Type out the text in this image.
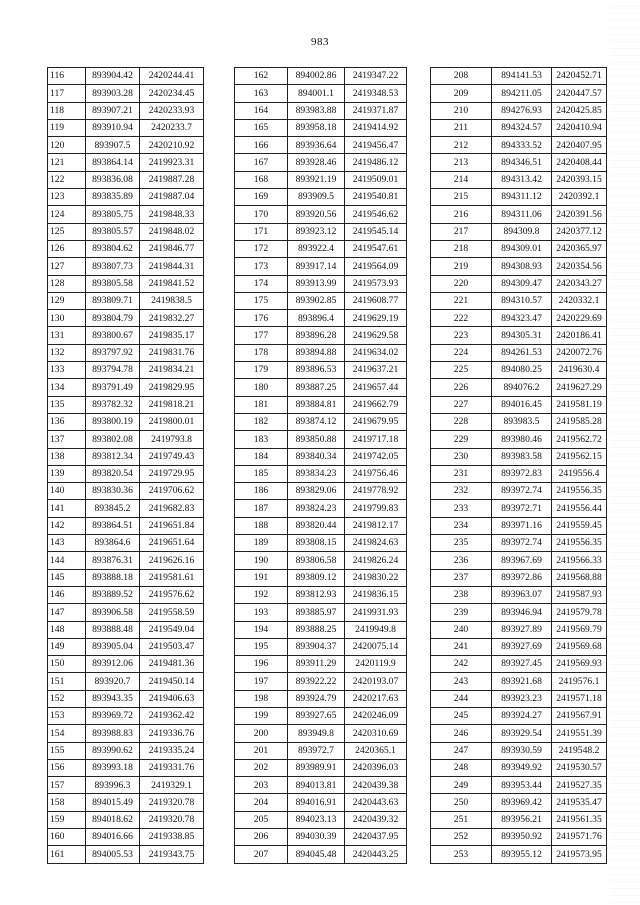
983
116	893904.42	2420244.41
117	893903.28	2420234.45
118	893907.21	2420233.93
119	893910.94	2420233.7
120	893907.5	2420210.92
121	893864.14	2419923.31
122	893836.08	2419887.28
123	893835.89	2419887.04
124	893805.75	2419848.33
125	893805.57	2419848.02
126	893804.62	2419846.77
127	893807.73	2419844.31
128	893805.58	2419841.52
129	893809.71	2419838.5
130	893804.79	2419832.27
131	893800.67	2419835.17
132	893797.92	2419831.76
133	893794.78	2419834.21
134	893791.49	2419829.95
135	893782.32	2419818.21
136	893800.19	2419800.01
137	893802.08	2419793.8
138	893812.34	2419749.43
139	893820.54	2419729.95
140	893830.36	2419706.62
141	893845.2	2419682.83
142	893864.51	2419651.84
143	893864.6	2419651.64
144	893876.31	2419626.16
145	893888.18	2419581.61
146	893889.52	2419576.62
147	893906.58	2419558.59
148	893888.48	2419549.04
149	893905.04	2419503.47
150	893912.06	2419481.36
151	893920.7	2419450.14
152	893943.35	2419406.63
153	893969.72	2419362.42
154	893988.83	2419336.76
155	893990.62	2419335.24
156	893993.18	2419331.76
157	893996.3	2419329.1
158	894015.49	2419320.78
159	894018.62	2419320.78
160	894016.66	2419338.85
161	894005.53	2419343.75
162	894002.86	2419347.22
163	894001.1	2419348.53
164	893983.88	2419371.87
165	893958.18	2419414.92
166	893936.64	2419456.47
167	893928.46	2419486.12
168	893921.19	2419509.01
169	893909.5	2419540.81
170	893920.56	2419546.62
171	893923.12	2419545.14
172	893922.4	2419547.61
173	893917.14	2419564.09
174	893913.99	2419573.93
175	893902.85	2419608.77
176	893896.4	2419629.19
177	893896.28	2419629.58
178	893894.88	2419634.02
179	893896.53	2419637.21
180	893887.25	2419657.44
181	893884.81	2419662.79
182	893874.12	2419679.95
183	893850.88	2419717.18
184	893840.34	2419742.05
185	893834.23	2419756.46
186	893829.06	2419778.92
187	893824.23	2419799.83
188	893820.44	2419812.17
189	893808.15	2419824.63
190	893806.58	2419826.24
191	893809.12	2419830.22
192	893812.93	2419836.15
193	893885.97	2419931.93
194	893888.25	2419949.8
195	893904.37	2420075.14
196	893911.29	2420119.9
197	893922.22	2420193.07
198	893924.79	2420217.63
199	893927.65	2420246.09
200	893949.8	2420310.69
201	893972.7	2420365.1
202	893989.91	2420396.03
203	894013.81	2420439.38
204	894016.91	2420443.63
205	894023.13	2420439.32
206	894030.39	2420437.95
207	894045.48	2420443.25
208	894141.53	2420452.71
209	894211.05	2420447.57
210	894276.93	2420425.85
211	894324.57	2420410.94
212	894333.52	2420407.95
213	894346.51	2420408.44
214	894313.42	2420393.15
215	894311.12	2420392.1
216	894311.06	2420391.56
217	894309.8	2420377.12
218	894309.01	2420365.97
219	894308.93	2420354.56
220	894309.47	2420343.27
221	894310.57	2420332.1
222	894323.47	2420229.69
223	894305.31	2420186.41
224	894261.53	2420072.76
225	894080.25	2419630.4
226	894076.2	2419627.29
227	894016.45	2419581.19
228	893983.5	2419585.28
229	893980.46	2419562.72
230	893983.58	2419562.15
231	893972.83	2419556.4
232	893972.74	2419556.35
233	893972.71	2419556.44
234	893971.16	2419559.45
235	893972.74	2419556.35
236	893967.69	2419566.33
237	893972.86	2419568.88
238	893963.07	2419587.93
239	893946.94	2419579.78
240	893927.89	2419569.79
241	893927.69	2419569.68
242	893927.45	2419569.93
243	893921.68	2419576.1
244	893923.23	2419571.18
245	893924.27	2419567.91
246	893929.54	2419551.39
247	893930.59	2419548.2
248	893949.92	2419530.57
249	893953.44	2419527.35
250	893969.42	2419535.47
251	893956.21	2419561.35
252	893950.92	2419571.76
253	893955.12	2419573.95
